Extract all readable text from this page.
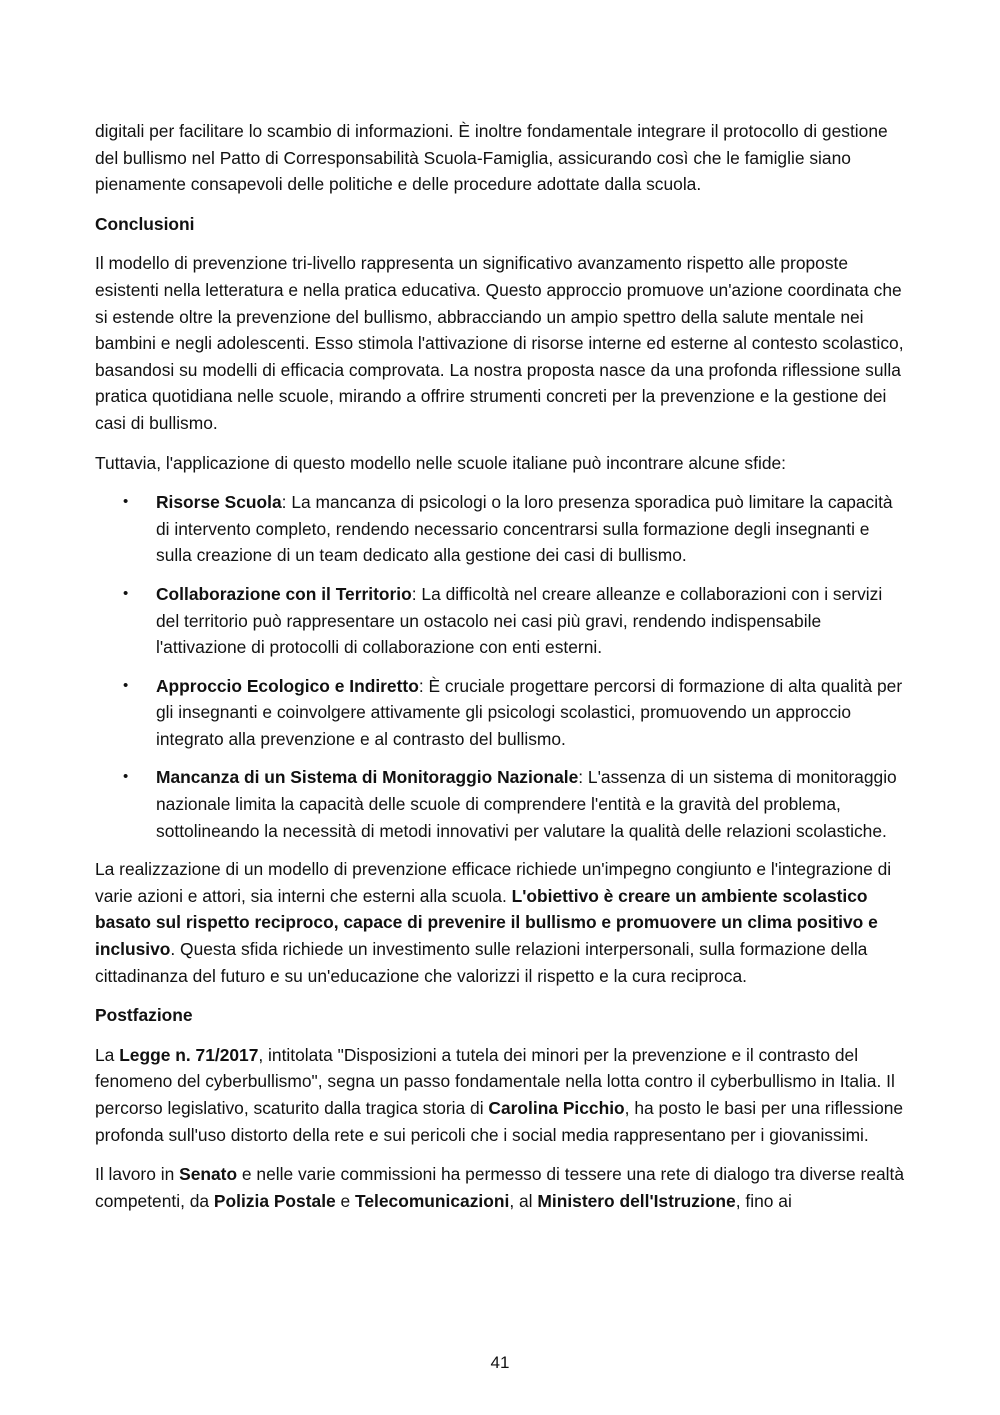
digitali per facilitare lo scambio di informazioni. È inoltre fondamentale integrare il protocollo di gestione del bullismo nel Patto di Corresponsabilità Scuola-Famiglia, assicurando così che le famiglie siano pienamente consapevoli delle politiche e delle procedure adottate dalla scuola.

Conclusioni

Il modello di prevenzione tri-livello rappresenta un significativo avanzamento rispetto alle proposte esistenti nella letteratura e nella pratica educativa. Questo approccio promuove un'azione coordinata che si estende oltre la prevenzione del bullismo, abbracciando un ampio spettro della salute mentale nei bambini e negli adolescenti. Esso stimola l'attivazione di risorse interne ed esterne al contesto scolastico, basandosi su modelli di efficacia comprovata. La nostra proposta nasce da una profonda riflessione sulla pratica quotidiana nelle scuole, mirando a offrire strumenti concreti per la prevenzione e la gestione dei casi di bullismo.

Tuttavia, l'applicazione di questo modello nelle scuole italiane può incontrare alcune sfide:

• Risorse Scuola: La mancanza di psicologi o la loro presenza sporadica può limitare la capacità di intervento completo, rendendo necessario concentrarsi sulla formazione degli insegnanti e sulla creazione di un team dedicato alla gestione dei casi di bullismo.
• Collaborazione con il Territorio: La difficoltà nel creare alleanze e collaborazioni con i servizi del territorio può rappresentare un ostacolo nei casi più gravi, rendendo indispensabile l'attivazione di protocolli di collaborazione con enti esterni.
• Approccio Ecologico e Indiretto: È cruciale progettare percorsi di formazione di alta qualità per gli insegnanti e coinvolgere attivamente gli psicologi scolastici, promuovendo un approccio integrato alla prevenzione e al contrasto del bullismo.
• Mancanza di un Sistema di Monitoraggio Nazionale: L'assenza di un sistema di monitoraggio nazionale limita la capacità delle scuole di comprendere l'entità e la gravità del problema, sottolineando la necessità di metodi innovativi per valutare la qualità delle relazioni scolastiche.

La realizzazione di un modello di prevenzione efficace richiede un'impegno congiunto e l'integrazione di varie azioni e attori, sia interni che esterni alla scuola. L'obiettivo è creare un ambiente scolastico basato sul rispetto reciproco, capace di prevenire il bullismo e promuovere un clima positivo e inclusivo. Questa sfida richiede un investimento sulle relazioni interpersonali, sulla formazione della cittadinanza del futuro e su un'educazione che valorizzi il rispetto e la cura reciproca.

Postfazione

La Legge n. 71/2017, intitolata "Disposizioni a tutela dei minori per la prevenzione e il contrasto del fenomeno del cyberbullismo", segna un passo fondamentale nella lotta contro il cyberbullismo in Italia. Il percorso legislativo, scaturito dalla tragica storia di Carolina Picchio, ha posto le basi per una riflessione profonda sull'uso distorto della rete e sui pericoli che i social media rappresentano per i giovanissimi.

Il lavoro in Senato e nelle varie commissioni ha permesso di tessere una rete di dialogo tra diverse realtà competenti, da Polizia Postale e Telecomunicazioni, al Ministero dell'Istruzione, fino ai

41
